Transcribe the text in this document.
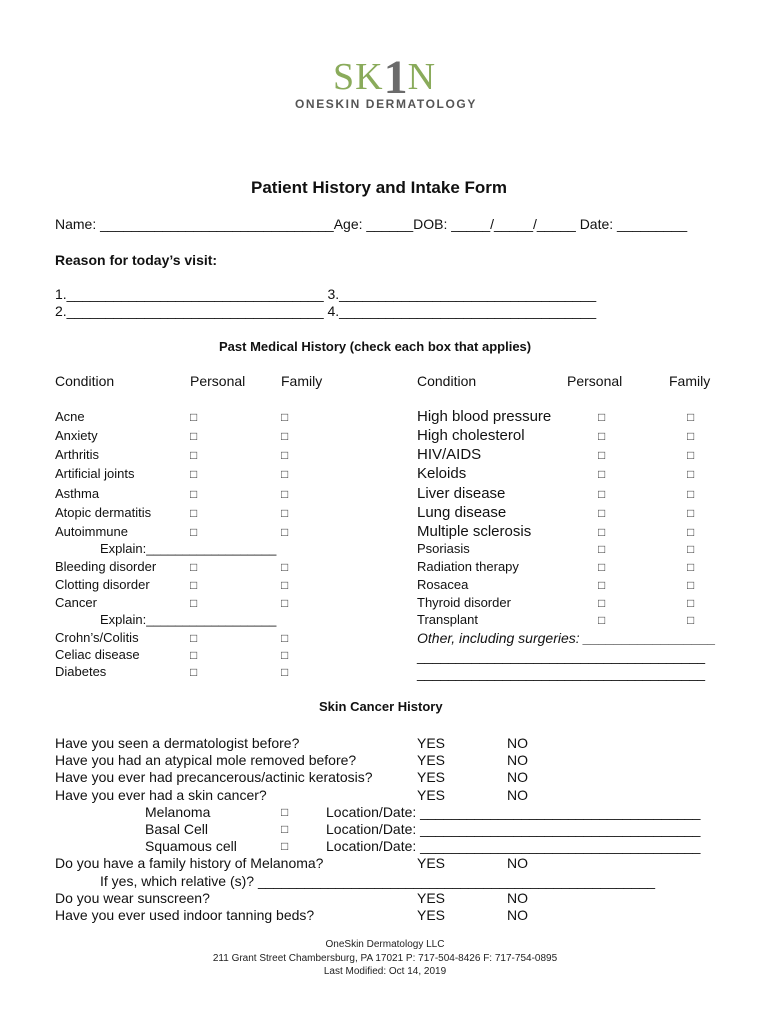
SK1N
ONESKIN DERMATOLOGY
Patient History and Intake Form
Name: ______________________________Age: ______DOB: _____/_____/_____ Date: _________
Reason for today’s visit:
1._________________________________ 3._________________________________
2._________________________________ 4._________________________________
Past Medical History (check each box that applies)
Condition	Personal	Family	Condition	Personal	Family
Acne	□	□
Anxiety	□	□
Arthritis	□	□
Artificial joints	□	□
Asthma	□	□
Atopic dermatitis	□	□
Autoimmune	□	□
Explain:__________________
Bleeding disorder	□	□
Clotting disorder	□	□
Cancer	□	□
Explain:__________________
Crohn’s/Colitis	□	□
Celiac disease	□	□
Diabetes	□	□
High blood pressure	□	□
High cholesterol	□	□
HIV/AIDS	□	□
Keloids	□	□
Liver disease	□	□
Lung disease	□	□
Multiple sclerosis	□	□
Psoriasis	□	□
Radiation therapy	□	□
Rosacea	□	□
Thyroid disorder	□	□
Transplant	□	□
Other, including surgeries: _________________
_____________________________________
_____________________________________
Skin Cancer History
Have you seen a dermatologist before?	YES	NO
Have you had an atypical mole removed before?	YES	NO
Have you ever had precancerous/actinic keratosis?	YES	NO
Have you ever had a skin cancer?	YES	NO
Melanoma	□	Location/Date: ____________________________________
Basal Cell	□	Location/Date: ____________________________________
Squamous cell	□	Location/Date: ____________________________________
Do you have a family history of Melanoma?	YES	NO
If yes, which relative (s)? ___________________________________________________
Do you wear sunscreen?	YES	NO
Have you ever used indoor tanning beds?	YES	NO
OneSkin Dermatology LLC
211 Grant Street Chambersburg, PA 17021 P: 717-504-8426 F: 717-754-0895
Last Modified: Oct 14, 2019
